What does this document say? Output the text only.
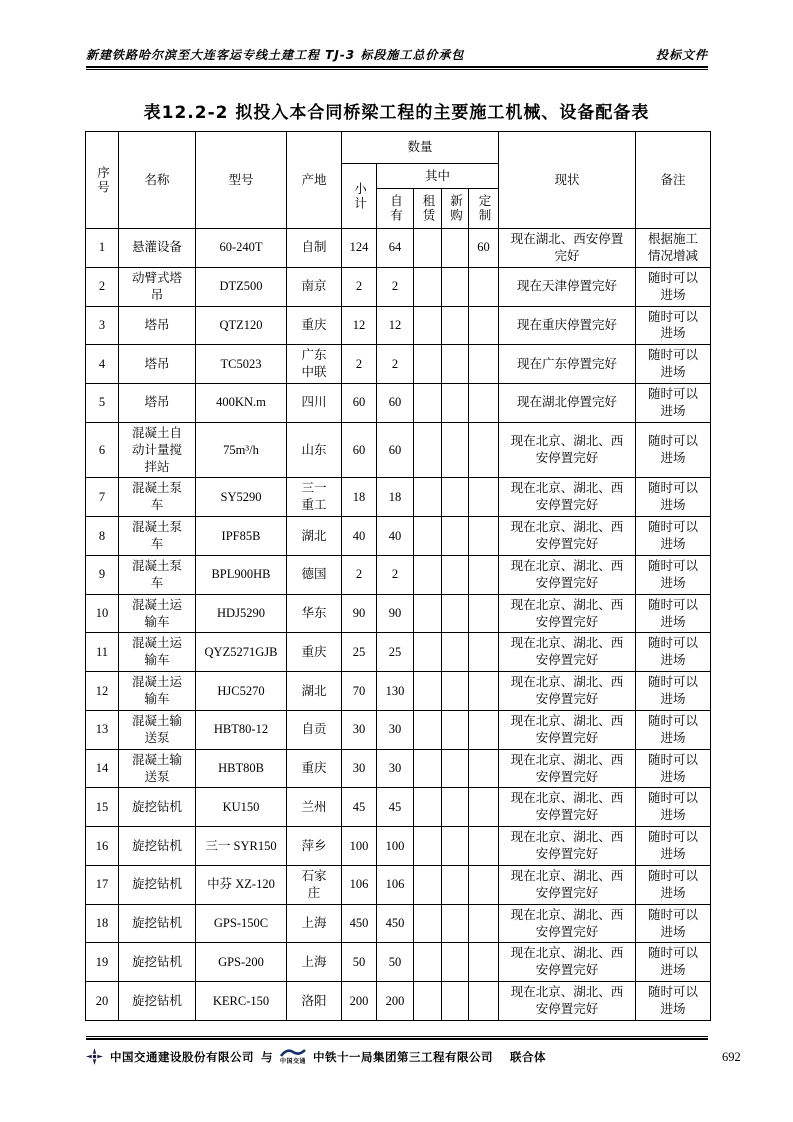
新建铁路哈尔滨至大连客运专线土建工程 TJ-3 标段施工总价承包	投标文件
表12.2-2 拟投入本合同桥梁工程的主要施工机械、设备配备表
序号	名称	型号	产地	数量					现状	备注
				小计	其中					
					自有	租赁	新购	定制		
1	悬灌设备	60-240T	自制	124	64			60	现在湖北、西安停置完好	根据施工情况增减
2	动臂式塔吊	DTZ500	南京	2	2				现在天津停置完好	随时可以进场
3	塔吊	QTZ120	重庆	12	12				现在重庆停置完好	随时可以进场
4	塔吊	TC5023	广东中联	2	2				现在广东停置完好	随时可以进场
5	塔吊	400KN.m	四川	60	60				现在湖北停置完好	随时可以进场
6	混凝土自动计量搅拌站	75m³/h	山东	60	60				现在北京、湖北、西安停置完好	随时可以进场
7	混凝土泵车	SY5290	三一重工	18	18				现在北京、湖北、西安停置完好	随时可以进场
8	混凝土泵车	IPF85B	湖北	40	40				现在北京、湖北、西安停置完好	随时可以进场
9	混凝土泵车	BPL900HB	德国	2	2				现在北京、湖北、西安停置完好	随时可以进场
10	混凝土运输车	HDJ5290	华东	90	90				现在北京、湖北、西安停置完好	随时可以进场
11	混凝土运输车	QYZ5271GJB	重庆	25	25				现在北京、湖北、西安停置完好	随时可以进场
12	混凝土运输车	HJC5270	湖北	70	130				现在北京、湖北、西安停置完好	随时可以进场
13	混凝土输送泵	HBT80-12	自贡	30	30				现在北京、湖北、西安停置完好	随时可以进场
14	混凝土输送泵	HBT80B	重庆	30	30				现在北京、湖北、西安停置完好	随时可以进场
15	旋挖钻机	KU150	兰州	45	45				现在北京、湖北、西安停置完好	随时可以进场
16	旋挖钻机	三一 SYR150	萍乡	100	100				现在北京、湖北、西安停置完好	随时可以进场
17	旋挖钻机	中芬 XZ-120	石家庄	106	106				现在北京、湖北、西安停置完好	随时可以进场
18	旋挖钻机	GPS-150C	上海	450	450				现在北京、湖北、西安停置完好	随时可以进场
19	旋挖钻机	GPS-200	上海	50	50				现在北京、湖北、西安停置完好	随时可以进场
20	旋挖钻机	KERC-150	洛阳	200	200				现在北京、湖北、西安停置完好	随时可以进场
中国交通建设股份有限公司 与 中国交通 中铁十一局集团第三工程有限公司 联合体	692
